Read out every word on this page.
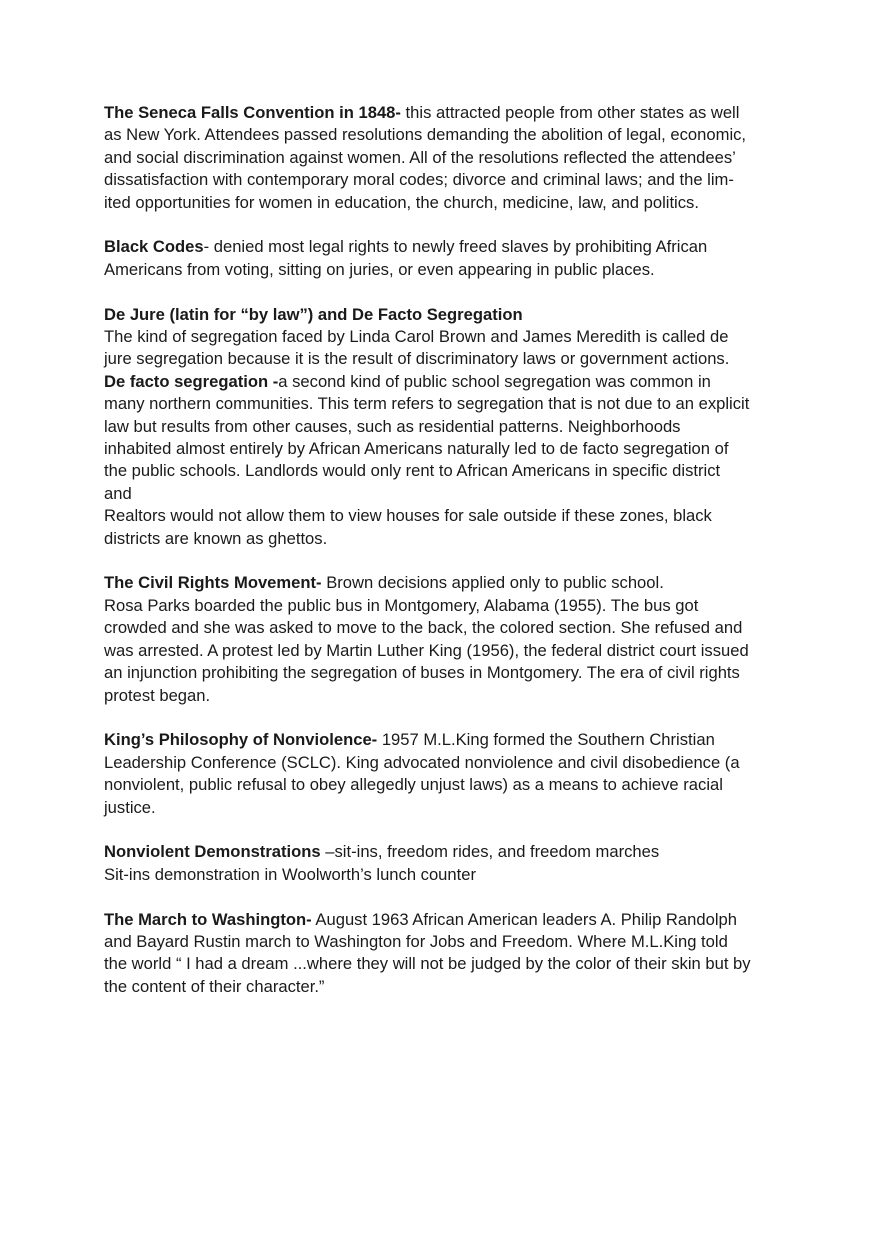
The Seneca Falls Convention in 1848- this attracted people from other states as well
as New York. Attendees passed resolutions demanding the abolition of legal, economic,
and social discrimination against women. All of the resolutions reflected the attendees’
dissatisfaction with contemporary moral codes; divorce and criminal laws; and the lim-
ited opportunities for women in education, the church, medicine, law, and politics.
Black Codes- denied most legal rights to newly freed slaves by prohibiting African
Americans from voting, sitting on juries, or even appearing in public places.
De Jure (latin for “by law”) and De Facto Segregation
The kind of segregation faced by Linda Carol Brown and James Meredith is called de
jure segregation because it is the result of discriminatory laws or government actions.
De facto segregation -a second kind of public school segregation was common in
many northern communities. This term refers to segregation that is not due to an explicit
law but results from other causes, such as residential patterns. Neighborhoods
inhabited almost entirely by African Americans naturally led to de facto segregation of
the public schools. Landlords would only rent to African Americans in specific district
and
Realtors would not allow them to view houses for sale outside if these zones, black
districts are known as ghettos.
The Civil Rights Movement- Brown decisions applied only to public school.
Rosa Parks boarded the public bus in Montgomery, Alabama (1955). The bus got
crowded and she was asked to move to the back, the colored section. She refused and
was arrested. A protest led by Martin Luther King (1956), the federal district court issued
an injunction prohibiting the segregation of buses in Montgomery. The era of civil rights
protest began.
King’s Philosophy of Nonviolence- 1957 M.L.King formed the Southern Christian
Leadership Conference (SCLC). King advocated nonviolence and civil disobedience (a
nonviolent, public refusal to obey allegedly unjust laws) as a means to achieve racial
justice.
Nonviolent Demonstrations –sit-ins, freedom rides, and freedom marches
Sit-ins demonstration in Woolworth’s lunch counter
The March to Washington- August 1963 African American leaders A. Philip Randolph
and Bayard Rustin march to Washington for Jobs and Freedom. Where M.L.King told
the world “ I had a dream ...where they will not be judged by the color of their skin but by
the content of their character.”
